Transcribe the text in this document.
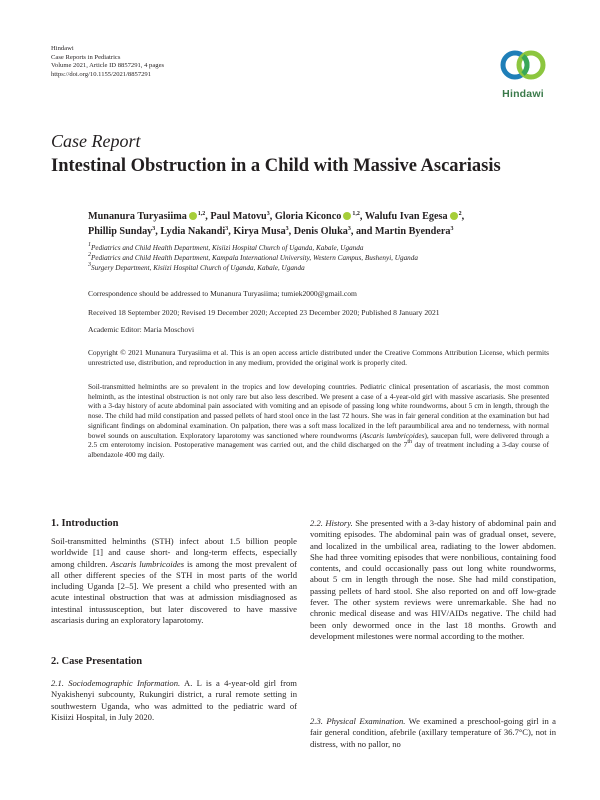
Hindawi
Case Reports in Pediatrics
Volume 2021, Article ID 8857291, 4 pages
https://doi.org/10.1155/2021/8857291
Hindawi
Case Report
Intestinal Obstruction in a Child with Massive Ascariasis
Munanura Turyasiima $^{1,2}$, Paul Matovu$^3$, Gloria Kiconco $^{1,2}$, Walufu Ivan Egesa $^2$,
Phillip Sunday$^3$, Lydia Nakandi$^3$, Kirya Musa$^3$, Denis Oluka$^3$, and Martin Byendera$^3$
$^1$Pediatrics and Child Health Department, Kisiizi Hospital Church of Uganda, Kabale, Uganda
$^2$Pediatrics and Child Health Department, Kampala International University, Western Campus, Bushenyi, Uganda
$^3$Surgery Department, Kisiizi Hospital Church of Uganda, Kabale, Uganda
Correspondence should be addressed to Munanura Turyasiima; tumiek2000@gmail.com
Received 18 September 2020; Revised 19 December 2020; Accepted 23 December 2020; Published 8 January 2021
Academic Editor: Maria Moschovi
Copyright © 2021 Munanura Turyasiima et al. This is an open access article distributed under the Creative Commons Attribution License, which permits unrestricted use, distribution, and reproduction in any medium, provided the original work is properly cited.
Soil-transmitted helminths are so prevalent in the tropics and low developing countries. Pediatric clinical presentation of ascariasis, the most common helminth, as the intestinal obstruction is not only rare but also less described. We present a case of a 4-year-old girl with massive ascariasis. She presented with a 3-day history of acute abdominal pain associated with vomiting and an episode of passing long white roundworms, about 5 cm in length, through the nose. The child had mild constipation and passed pellets of hard stool once in the last 72 hours. She was in fair general condition at the examination but had significant findings on abdominal examination. On palpation, there was a soft mass localized in the left paraumbilical area and no tenderness, with normal bowel sounds on auscultation. Exploratory laparotomy was sanctioned where roundworms (Ascaris lumbricoides), saucepan full, were delivered through a 2.5 cm enterotomy incision. Postoperative management was carried out, and the child discharged on the 7th day of treatment including a 3-day course of albendazole 400 mg daily.
1. Introduction

Soil-transmitted helminths (STH) infect about 1.5 billion people worldwide [1] and cause short- and long-term effects, especially among children. Ascaris lumbricoides is among the most prevalent of all other different species of the STH in most parts of the world including Uganda [2–5]. We present a child who presented with an acute intestinal obstruction that was at admission misdiagnosed as intestinal intussusception, but later discovered to have massive ascariasis during an exploratory laparotomy.

2. Case Presentation

2.1. Sociodemographic Information. A. L is a 4-year-old girl from Nyakishenyi subcounty, Rukungiri district, a rural remote setting in southwestern Uganda, who was admitted to the pediatric ward of Kisiizi Hospital, in July 2020.

2.2. History. She presented with a 3-day history of abdominal pain and vomiting episodes. The abdominal pain was of gradual onset, severe, and localized in the umbilical area, radiating to the lower abdomen. She had three vomiting episodes that were nonbilious, containing food contents, and could occasionally pass out long white roundworms, about 5 cm in length through the nose. She had mild constipation, passing pellets of hard stool. She also reported on and off low-grade fever. The other system reviews were unremarkable. She had no chronic medical disease and was HIV/AIDs negative. The child had been only dewormed once in the last 18 months. Growth and development milestones were normal according to the mother.

2.3. Physical Examination. We examined a preschool-going girl in a fair general condition, afebrile (axillary temperature of 36.7°C), not in distress, with no pallor, no
